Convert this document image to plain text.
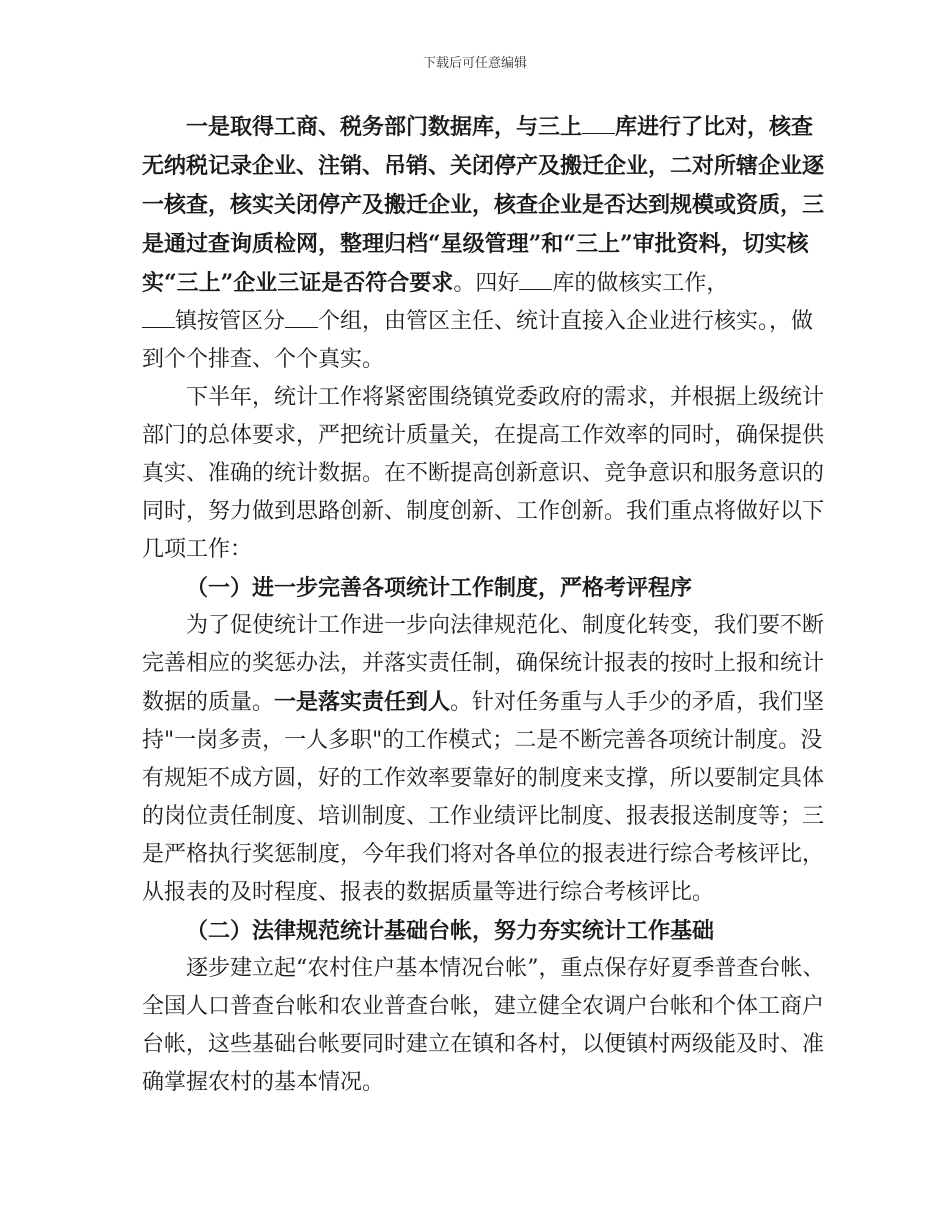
下载后可任意编辑

一是取得工商、税务部门数据库，与三上 库进行了比对，核查无纳税记录企业、注销、吊销、关闭停产及搬迁企业，二对所辖企业逐一核查，核实关闭停产及搬迁企业，核查企业是否达到规模或资质，三是通过查询质检网，整理归档“星级管理”和“三上”审批资料，切实核实“三上”企业三证是否符合要求。四好 库的做核实工作，
镇按管区分 个组，由管区主任、统计直接入企业进行核实。，做到个个排查、个个真实。

下半年，统计工作将紧密围绕镇党委政府的需求，并根据上级统计部门的总体要求，严把统计质量关，在提高工作效率的同时，确保提供真实、准确的统计数据。在不断提高创新意识、竞争意识和服务意识的同时，努力做到思路创新、制度创新、工作创新。我们重点将做好以下几项工作：

（一）进一步完善各项统计工作制度，严格考评程序

为了促使统计工作进一步向法律规范化、制度化转变，我们要不断完善相应的奖惩办法，并落实责任制，确保统计报表的按时上报和统计数据的质量。一是落实责任到人。针对任务重与人手少的矛盾，我们坚持"一岗多责，一人多职"的工作模式；二是不断完善各项统计制度。没有规矩不成方圆，好的工作效率要靠好的制度来支撑，所以要制定具体的岗位责任制度、培训制度、工作业绩评比制度、报表报送制度等；三是严格执行奖惩制度，今年我们将对各单位的报表进行综合考核评比，从报表的及时程度、报表的数据质量等进行综合考核评比。

（二）法律规范统计基础台帐，努力夯实统计工作基础

逐步建立起“农村住户基本情况台帐”，重点保存好夏季普查台帐、全国人口普查台帐和农业普查台帐，建立健全农调户台帐和个体工商户台帐，这些基础台帐要同时建立在镇和各村，以便镇村两级能及时、准确掌握农村的基本情况。
